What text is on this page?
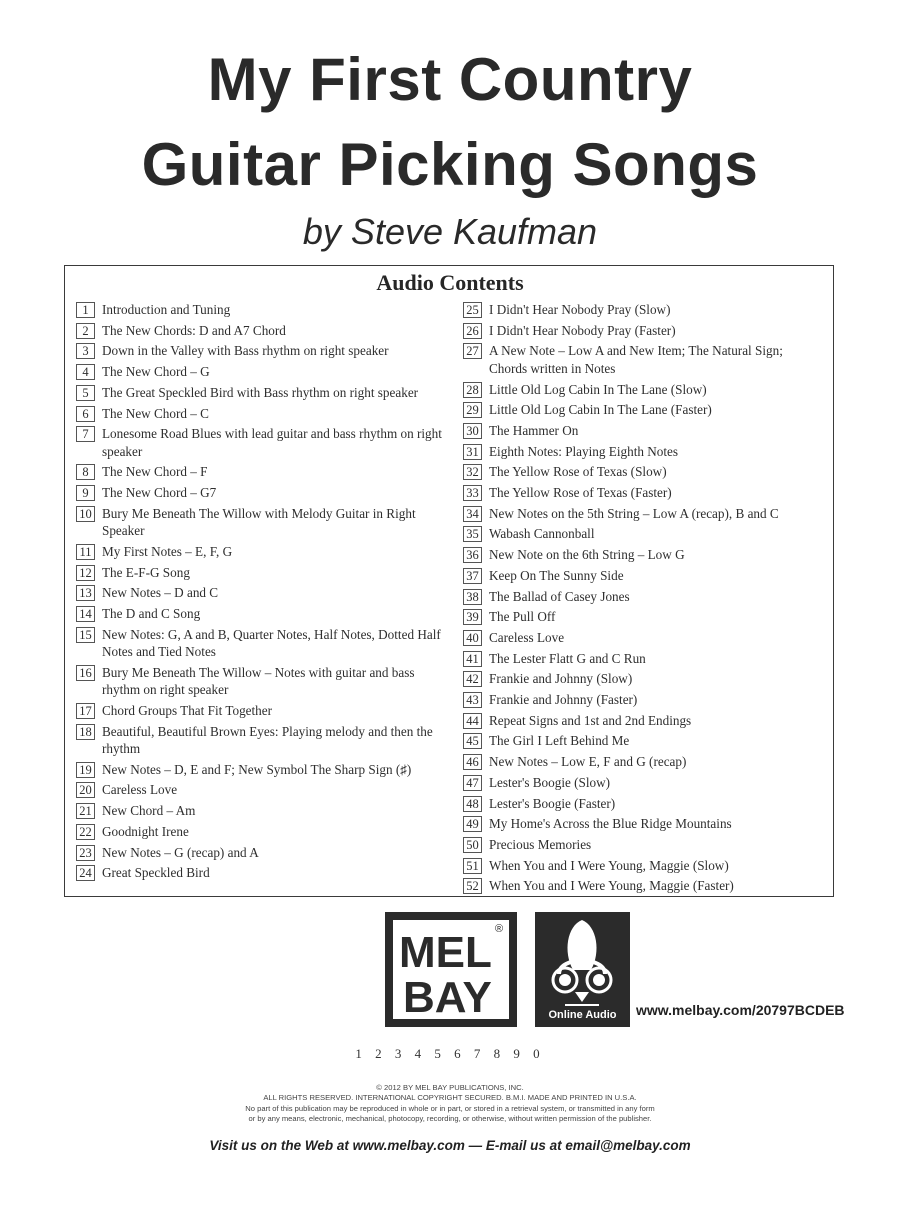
My First Country
Guitar Picking Songs
by Steve Kaufman
Audio Contents
1	Introduction and Tuning
2	The New Chords: D and A7 Chord
3	Down in the Valley with Bass rhythm on right speaker
4	The New Chord – G
5	The Great Speckled Bird with Bass rhythm on right speaker
6	The New Chord – C
7	Lonesome Road Blues with lead guitar and bass rhythm on right speaker
8	The New Chord – F
9	The New Chord – G7
10 Bury Me Beneath The Willow with Melody Guitar in Right Speaker
11 My First Notes – E, F, G
12 The E-F-G Song
13 New Notes – D and C
14 The D and C Song
15 New Notes: G, A and B, Quarter Notes, Half Notes, Dotted Half Notes and Tied Notes
16 Bury Me Beneath The Willow – Notes with guitar and bass rhythm on right speaker
17 Chord Groups That Fit Together
18 Beautiful, Beautiful Brown Eyes: Playing melody and then the rhythm
19 New Notes – D, E and F; New Symbol The Sharp Sign (♯)
20 Careless Love
21 New Chord – Am
22 Goodnight Irene
23 New Notes – G (recap) and A
24 Great Speckled Bird
25 I Didn't Hear Nobody Pray (Slow)
26 I Didn't Hear Nobody Pray (Faster)
27 A New Note – Low A and New Item; The Natural Sign; Chords written in Notes
28 Little Old Log Cabin In The Lane (Slow)
29 Little Old Log Cabin In The Lane (Faster)
30 The Hammer On
31 Eighth Notes: Playing Eighth Notes
32 The Yellow Rose of Texas (Slow)
33 The Yellow Rose of Texas (Faster)
34 New Notes on the 5th String – Low A (recap), B and C
35 Wabash Cannonball
36 New Note on the 6th String – Low G
37 Keep On The Sunny Side
38 The Ballad of Casey Jones
39 The Pull Off
40 Careless Love
41 The Lester Flatt G and C Run
42 Frankie and Johnny (Slow)
43 Frankie and Johnny (Faster)
44 Repeat Signs and 1st and 2nd Endings
45 The Girl I Left Behind Me
46 New Notes – Low E, F and G (recap)
47 Lester's Boogie (Slow)
48 Lester's Boogie (Faster)
49 My Home's Across the Blue Ridge Mountains
50 Precious Memories
51 When You and I Were Young, Maggie (Slow)
52 When You and I Were Young, Maggie (Faster)
MEL
BAY
®
Online Audio	www.melbay.com/20797BCDEB
1 2 3 4 5 6 7 8 9 0
© 2012 BY MEL BAY PUBLICATIONS, INC.
ALL RIGHTS RESERVED. INTERNATIONAL COPYRIGHT SECURED. B.M.I. MADE AND PRINTED IN U.S.A.
No part of this publication may be reproduced in whole or in part, or stored in a retrieval system, or transmitted in any form
or by any means, electronic, mechanical, photocopy, recording, or otherwise, without written permission of the publisher.
Visit us on the Web at www.melbay.com — E-mail us at email@melbay.com
